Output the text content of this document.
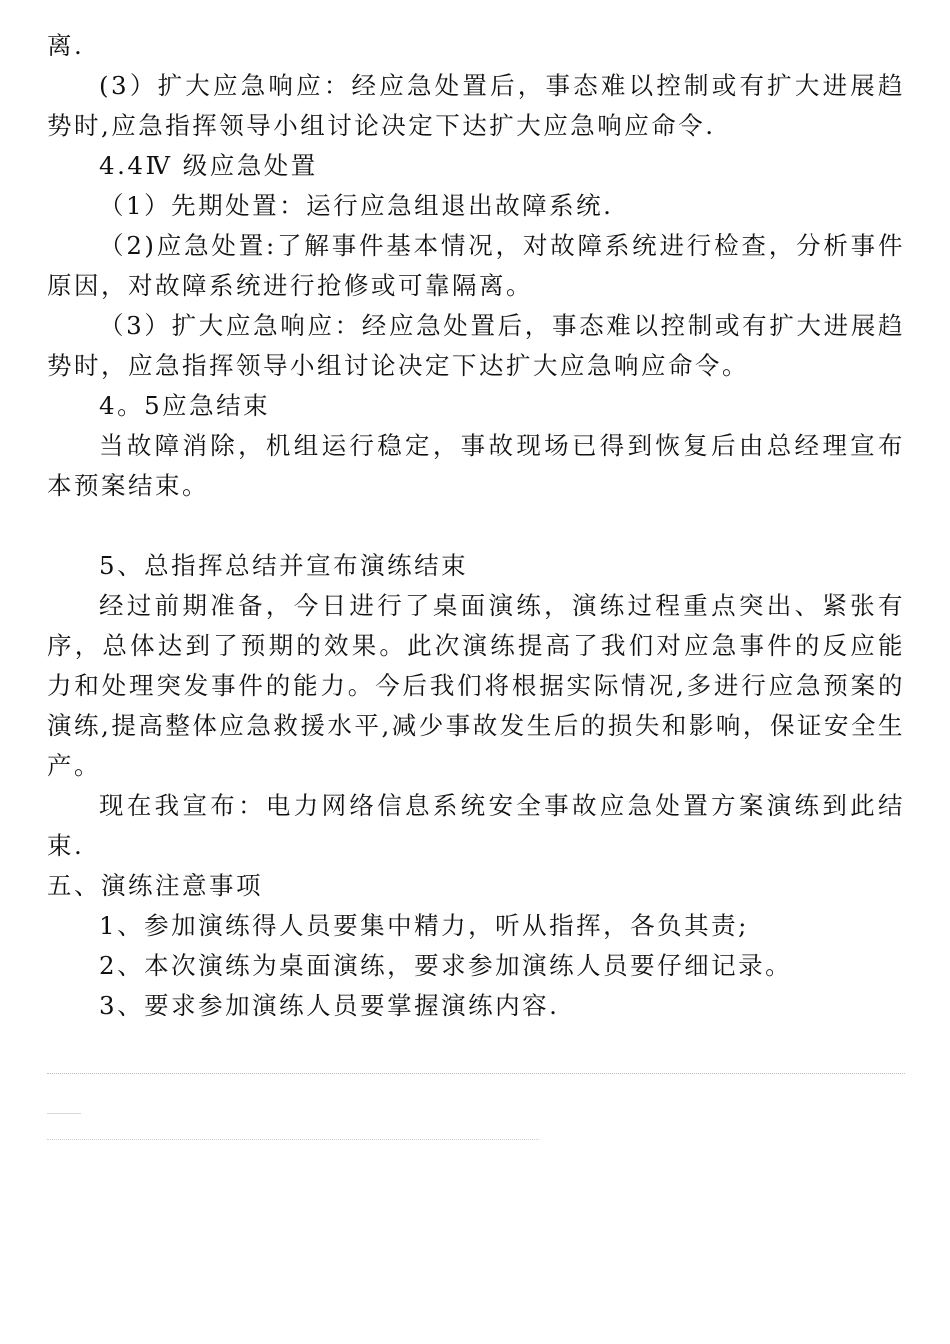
离.

(3）扩大应急响应：经应急处置后，事态难以控制或有扩大进展趋势时,应急指挥领导小组讨论决定下达扩大应急响应命令.

4.4Ⅳ 级应急处置

（1）先期处置：运行应急组退出故障系统.

（2)应急处置:了解事件基本情况，对故障系统进行检查，分析事件原因，对故障系统进行抢修或可靠隔离。

（3）扩大应急响应：经应急处置后，事态难以控制或有扩大进展趋势时，应急指挥领导小组讨论决定下达扩大应急响应命令。

4。5应急结束

当故障消除，机组运行稳定，事故现场已得到恢复后由总经理宣布本预案结束。

5、总指挥总结并宣布演练结束

经过前期准备，今日进行了桌面演练，演练过程重点突出、紧张有序，总体达到了预期的效果。此次演练提高了我们对应急事件的反应能力和处理突发事件的能力。今后我们将根据实际情况,多进行应急预案的演练,提高整体应急救援水平,减少事故发生后的损失和影响，保证安全生产。

现在我宣布：电力网络信息系统安全事故应急处置方案演练到此结束.

五、演练注意事项

1、参加演练得人员要集中精力，听从指挥，各负其责;

2、本次演练为桌面演练，要求参加演练人员要仔细记录。

3、要求参加演练人员要掌握演练内容.
